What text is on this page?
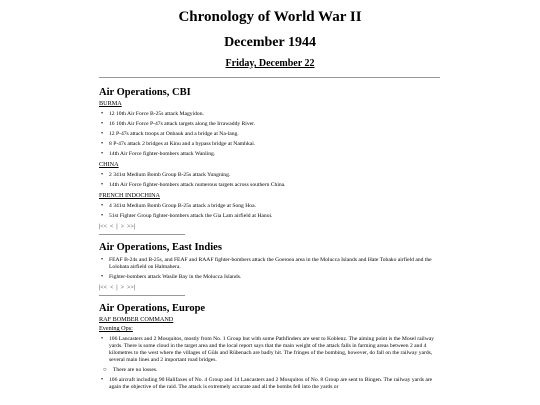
Chronology of World War II
December 1944
Friday, December 22
Air Operations, CBI
BURMA
• 12 10th Air Force B-25s attack Magyidon.
• 16 10th Air Force P-47s attack targets along the Irrawaddy River.
• 12 P-47s attack troops at Onbauk and a bridge at Na-lang.
• 8 P-47s attack 2 bridges at Kinu and a bypass bridge at Namhkai.
• 14th Air Force fighter-bombers attack Wanling.
CHINA
• 2 341st Medium Bomb Group B-25s attack Yungning.
• 14th Air Force fighter-bombers attack numerous targets across southern China.
FRENCH INDOCHINA
• 4 341st Medium Bomb Group B-25s attack a bridge at Song Hoa.
• 51st Fighter Group fighter-bombers attack the Gia Lam airfield at Hanoi.
|<< < | > >>|
Air Operations, East Indies
• FEAF B-24s and B-25s, and FEAF and RAAF fighter-bombers attack the Goeroea area in the Molucca Islands and Hate Tobako airfield and the Lolobata airfield on Halmahera.
• Fighter-bombers attack Wasile Bay in the Molucca Islands.
|<< < | > >>|
Air Operations, Europe
RAF BOMBER COMMAND
Evening Ops:
• 106 Lancasters and 2 Mosquitos, mostly from No. 1 Group but with some Pathfinders are sent to Koblenz. The aiming point is the Mosel railway yards. There is some cloud in the target area and the local report says that the main weight of the attack falls in farming areas between 2 and 4 kilometres to the west where the villages of Güls and Rübenach are badly hit. The fringes of the bombing, however, do fall on the railway yards, several main lines and 2 important road bridges.
○ There are no losses.
• 106 aircraft including 90 Halifaxes of No. 4 Group and 14 Lancasters and 2 Mosquitos of No. 8 Group are sent to Bingen. The railway yards are again the objective of the raid. The attack is extremely accurate and all the bombs fell into the yards or
